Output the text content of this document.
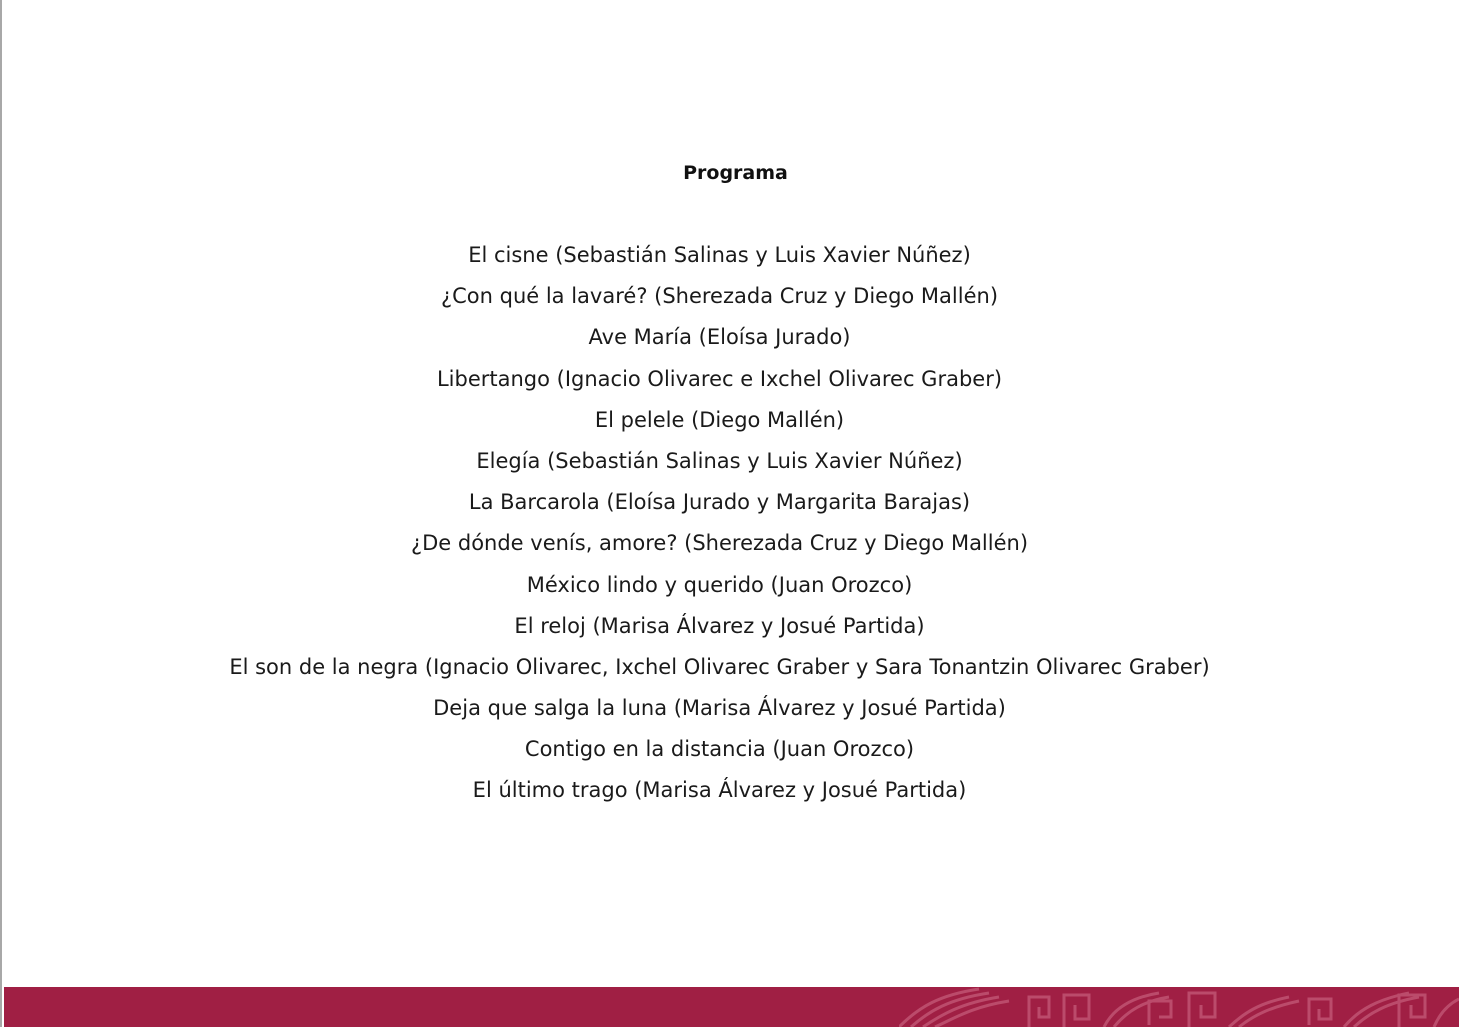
Programa
El cisne (Sebastián Salinas y Luis Xavier Núñez)
¿Con qué la lavaré? (Sherezada Cruz y Diego Mallén)
Ave María (Eloísa Jurado)
Libertango (Ignacio Olivarec e Ixchel Olivarec Graber)
El pelele (Diego Mallén)
Elegía (Sebastián Salinas y Luis Xavier Núñez)
La Barcarola (Eloísa Jurado y Margarita Barajas)
¿De dónde venís, amore? (Sherezada Cruz y Diego Mallén)
México lindo y querido (Juan Orozco)
El reloj (Marisa Álvarez y Josué Partida)
El son de la negra (Ignacio Olivarec, Ixchel Olivarec Graber y Sara Tonantzin Olivarec Graber)
Deja que salga la luna (Marisa Álvarez y Josué Partida)
Contigo en la distancia (Juan Orozco)
El último trago (Marisa Álvarez y Josué Partida)
